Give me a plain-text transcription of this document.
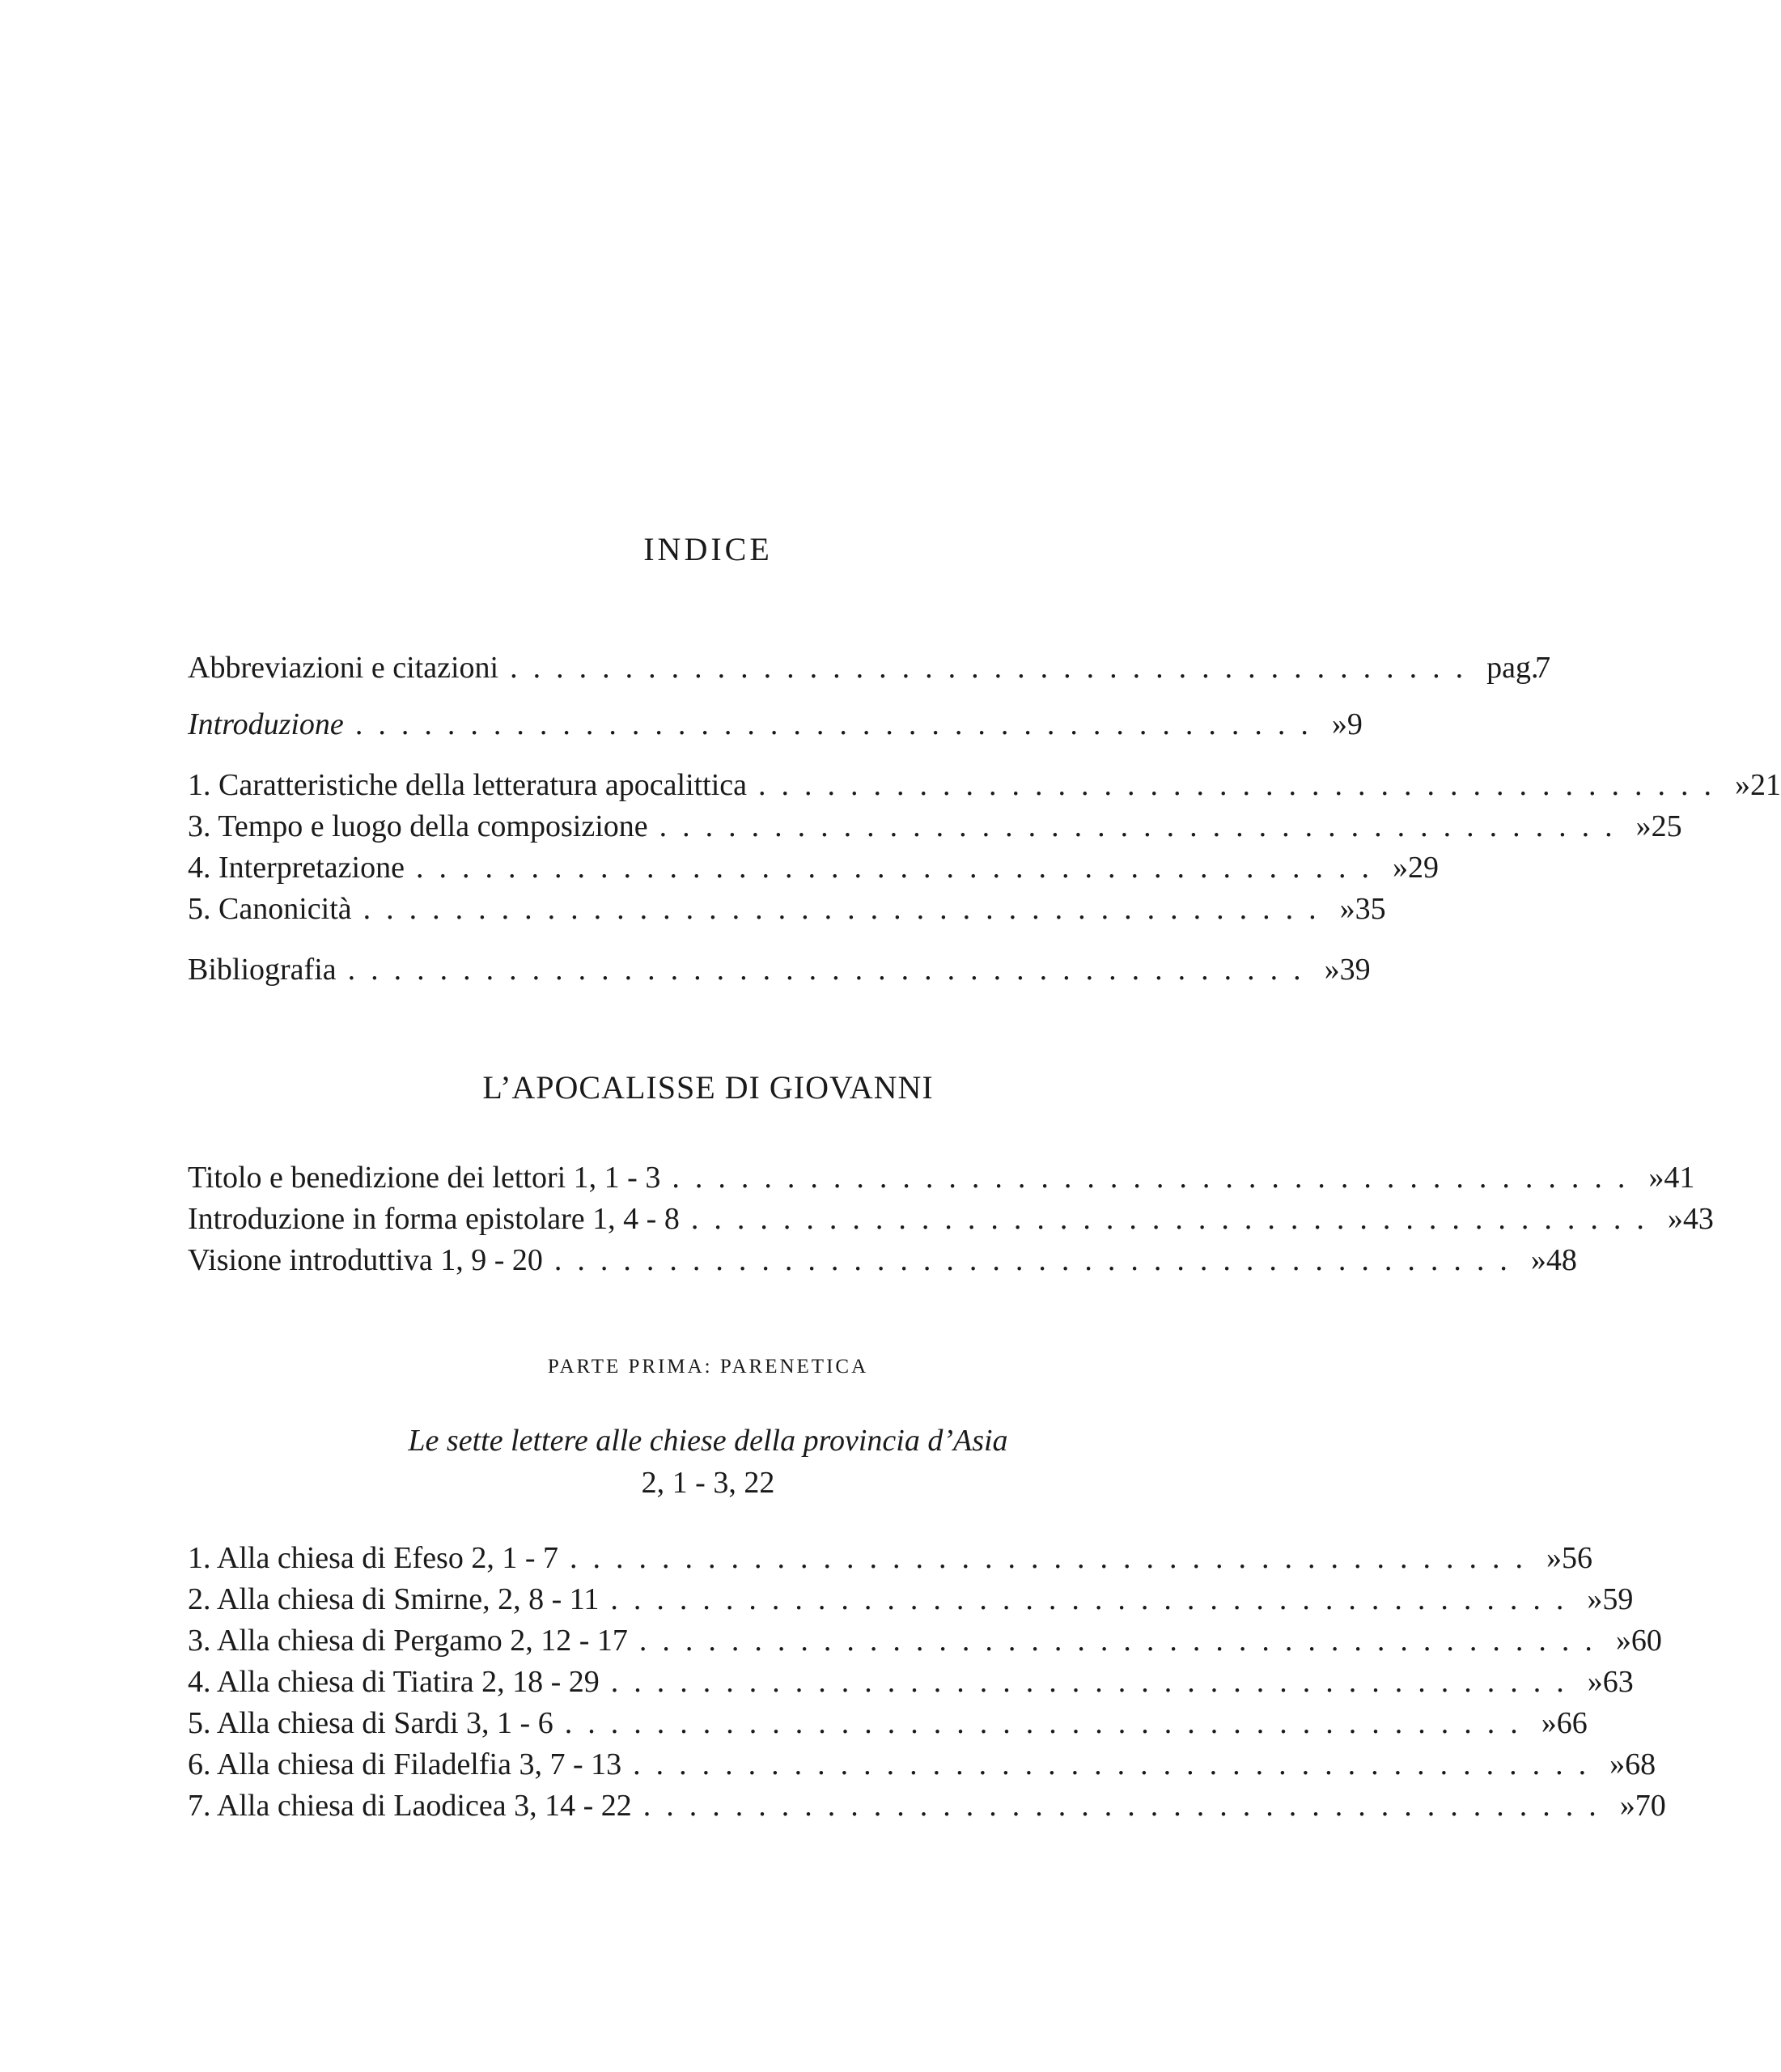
INDICE
Abbreviazioni e citazioni .......................................... pag.
7
Introduzione .......................................... » 9
1. Caratteristiche della letteratura apocalittica .......................................... » 21
3. Tempo e luogo della composizione .......................................... » 25
4. Interpretazione .......................................... » 29
5. Canonicità .......................................... » 35
Bibliografia .......................................... » 39
L’APOCALISSE DI GIOVANNI
Titolo e benedizione dei lettori 1, 1 - 3 .......................................... » 41
Introduzione in forma epistolare 1, 4 - 8 .......................................... » 43
Visione introduttiva 1, 9 - 20 .......................................... » 48
PARTE PRIMA: PARENETICA
Le sette lettere alle chiese della provincia d’Asia
2, 1 - 3, 22
1. Alla chiesa di Efeso 2, 1 - 7 .......................................... » 56
2. Alla chiesa di Smirne, 2, 8 - 11 .......................................... » 59
3. Alla chiesa di Pergamo 2, 12 - 17 .......................................... » 60
4. Alla chiesa di Tiatira 2, 18 - 29 .......................................... » 63
5. Alla chiesa di Sardi 3, 1 - 6 .......................................... » 66
6. Alla chiesa di Filadelfia 3, 7 - 13 .......................................... » 68
7. Alla chiesa di Laodicea 3, 14 - 22 .......................................... » 70
